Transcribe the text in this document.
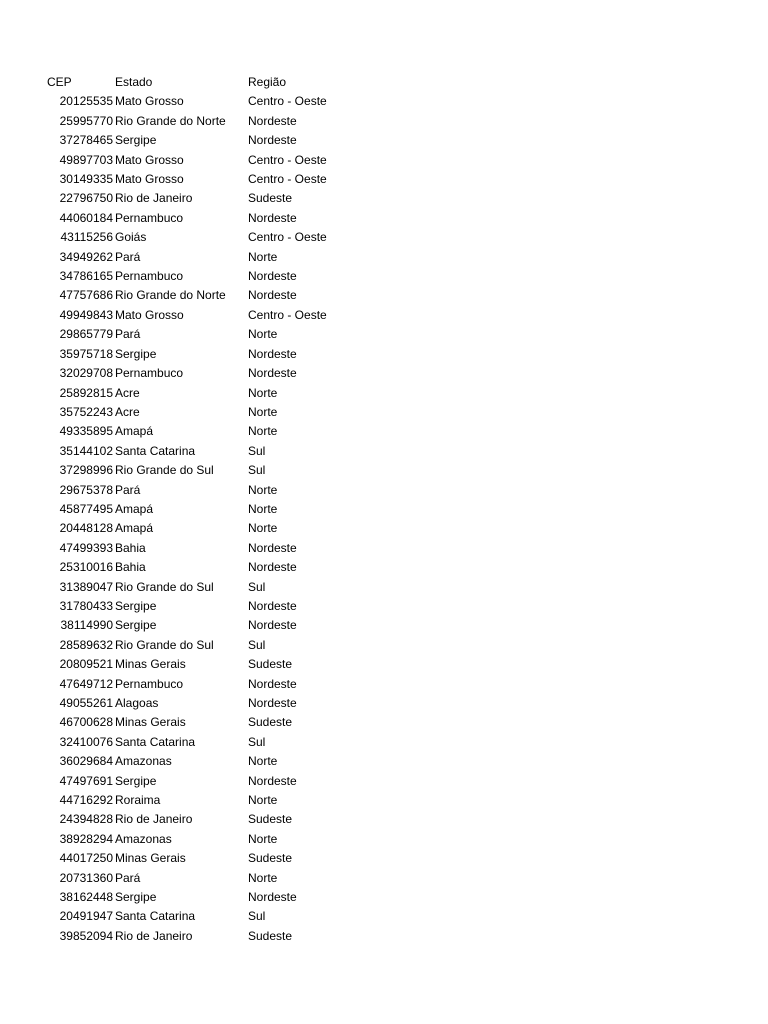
CEP	Estado	Região
20125535	Mato Grosso	Centro - Oeste
25995770	Rio Grande do Norte	Nordeste
37278465	Sergipe	Nordeste
49897703	Mato Grosso	Centro - Oeste
30149335	Mato Grosso	Centro - Oeste
22796750	Rio de Janeiro	Sudeste
44060184	Pernambuco	Nordeste
43115256	Goiás	Centro - Oeste
34949262	Pará	Norte
34786165	Pernambuco	Nordeste
47757686	Rio Grande do Norte	Nordeste
49949843	Mato Grosso	Centro - Oeste
29865779	Pará	Norte
35975718	Sergipe	Nordeste
32029708	Pernambuco	Nordeste
25892815	Acre	Norte
35752243	Acre	Norte
49335895	Amapá	Norte
35144102	Santa Catarina	Sul
37298996	Rio Grande do Sul	Sul
29675378	Pará	Norte
45877495	Amapá	Norte
20448128	Amapá	Norte
47499393	Bahia	Nordeste
25310016	Bahia	Nordeste
31389047	Rio Grande do Sul	Sul
31780433	Sergipe	Nordeste
38114990	Sergipe	Nordeste
28589632	Rio Grande do Sul	Sul
20809521	Minas Gerais	Sudeste
47649712	Pernambuco	Nordeste
49055261	Alagoas	Nordeste
46700628	Minas Gerais	Sudeste
32410076	Santa Catarina	Sul
36029684	Amazonas	Norte
47497691	Sergipe	Nordeste
44716292	Roraima	Norte
24394828	Rio de Janeiro	Sudeste
38928294	Amazonas	Norte
44017250	Minas Gerais	Sudeste
20731360	Pará	Norte
38162448	Sergipe	Nordeste
20491947	Santa Catarina	Sul
39852094	Rio de Janeiro	Sudeste
